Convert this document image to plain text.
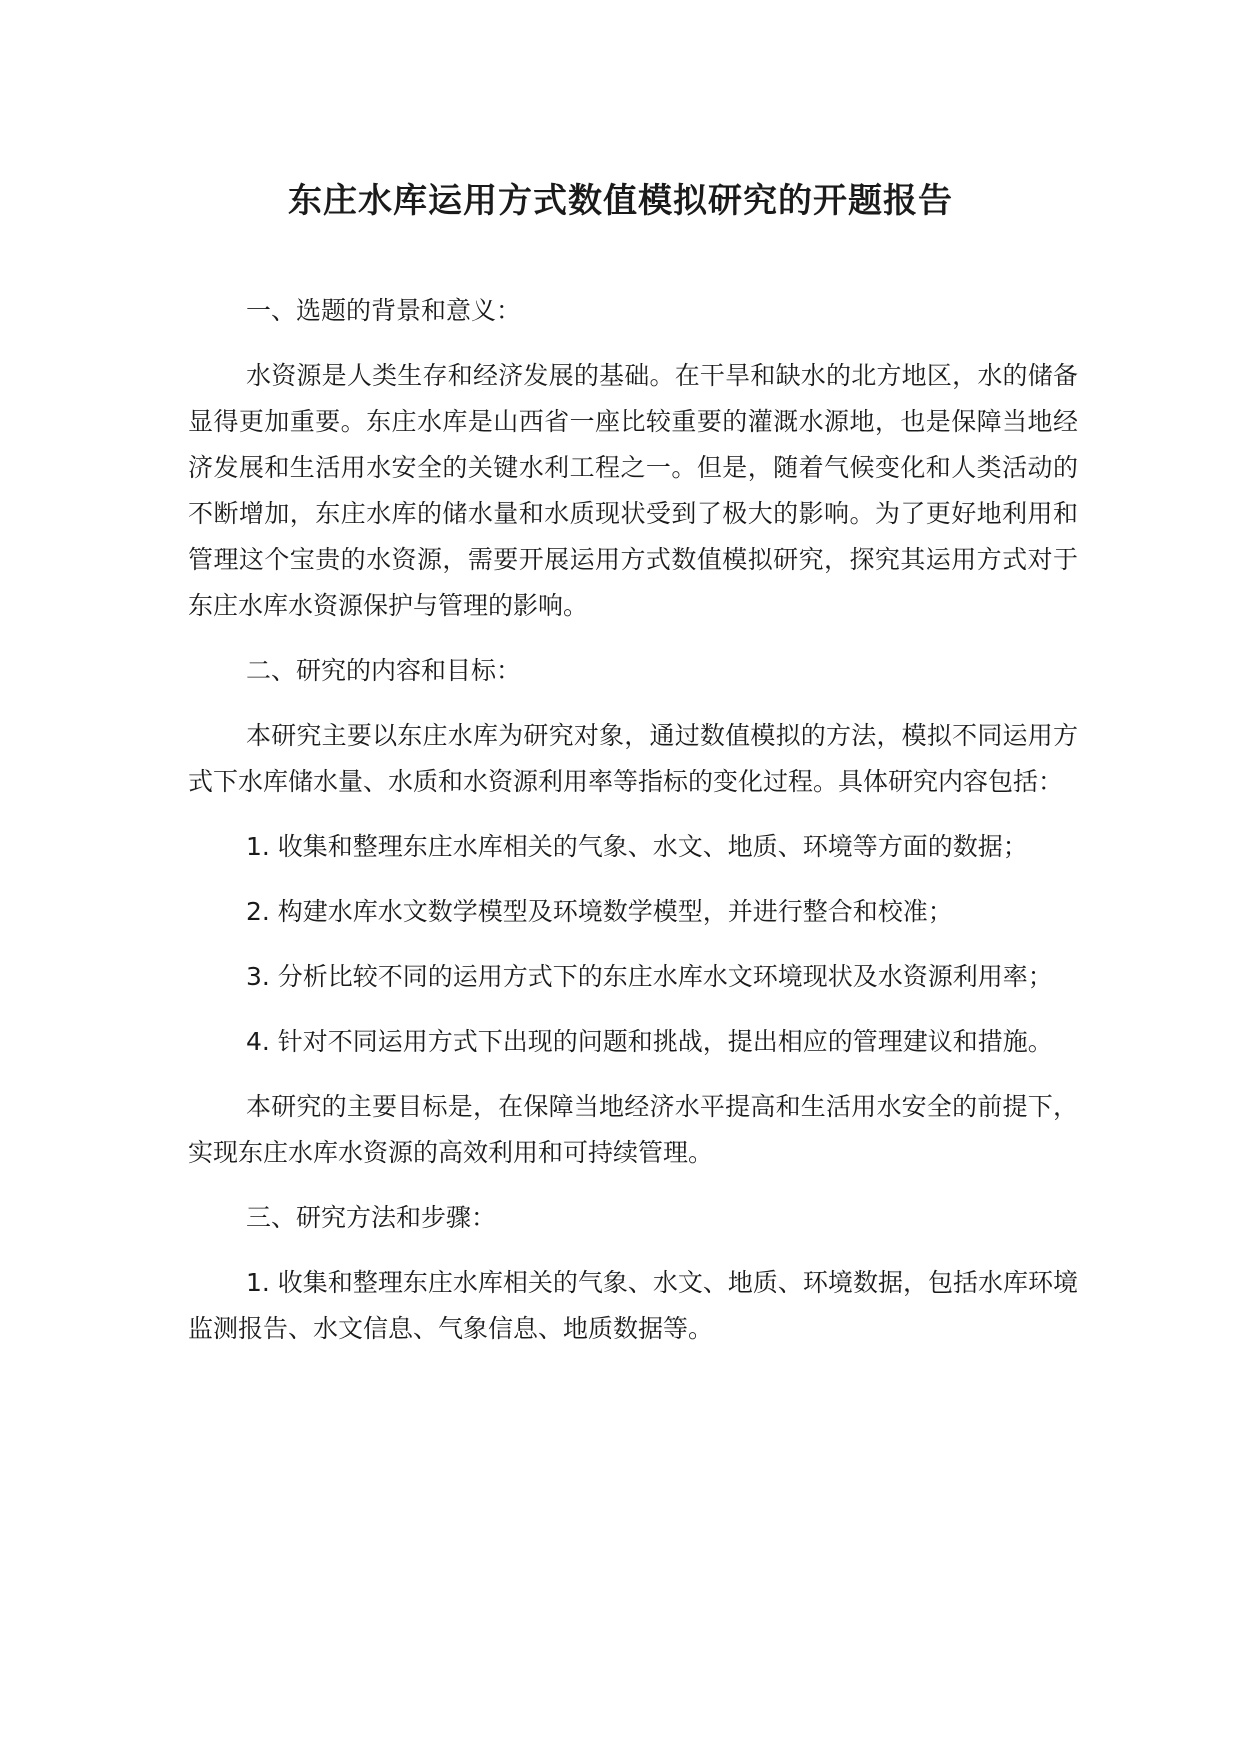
东庄水库运用方式数值模拟研究的开题报告

一、选题的背景和意义：

水资源是人类生存和经济发展的基础。在干旱和缺水的北方地区，水的储备显得更加重要。东庄水库是山西省一座比较重要的灌溉水源地，也是保障当地经济发展和生活用水安全的关键水利工程之一。但是，随着气候变化和人类活动的不断增加，东庄水库的储水量和水质现状受到了极大的影响。为了更好地利用和管理这个宝贵的水资源，需要开展运用方式数值模拟研究，探究其运用方式对于东庄水库水资源保护与管理的影响。

二、研究的内容和目标：

本研究主要以东庄水库为研究对象，通过数值模拟的方法，模拟不同运用方式下水库储水量、水质和水资源利用率等指标的变化过程。具体研究内容包括：

1. 收集和整理东庄水库相关的气象、水文、地质、环境等方面的数据；

2. 构建水库水文数学模型及环境数学模型，并进行整合和校准；

3. 分析比较不同的运用方式下的东庄水库水文环境现状及水资源利用率；

4. 针对不同运用方式下出现的问题和挑战，提出相应的管理建议和措施。

本研究的主要目标是，在保障当地经济水平提高和生活用水安全的前提下，实现东庄水库水资源的高效利用和可持续管理。

三、研究方法和步骤：

1. 收集和整理东庄水库相关的气象、水文、地质、环境数据，包括水库环境监测报告、水文信息、气象信息、地质数据等。
